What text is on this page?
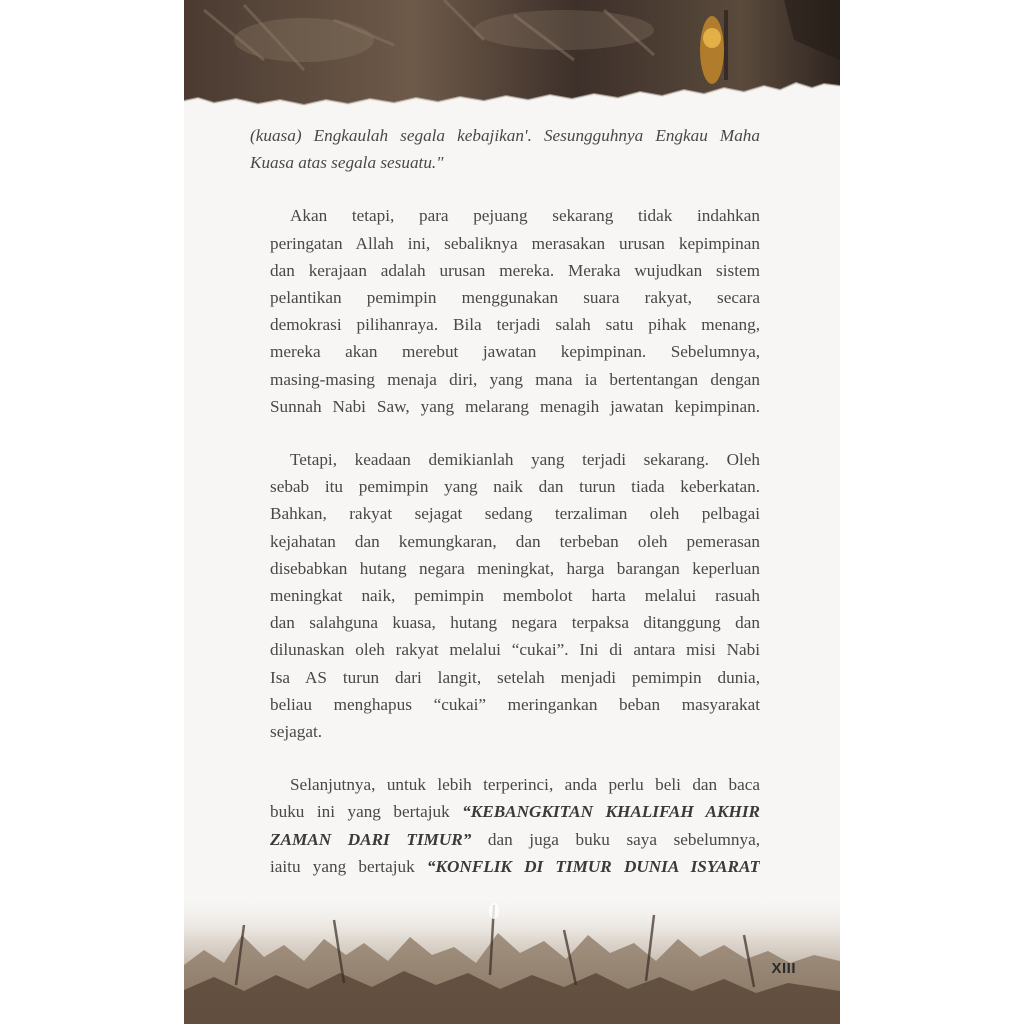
(kuasa) Engkaulah segala kebajikan'. Sesungguhnya Engkau Maha
Kuasa atas segala sesuatu."

Akan tetapi, para pejuang sekarang tidak indahkan
peringatan Allah ini, sebaliknya merasakan urusan kepimpinan
dan kerajaan adalah urusan mereka. Meraka wujudkan sistem
pelantikan pemimpin menggunakan suara rakyat, secara
demokrasi pilihanraya. Bila terjadi salah satu pihak menang,
mereka akan merebut jawatan kepimpinan. Sebelumnya,
masing-masing menaja diri, yang mana ia bertentangan dengan
Sunnah Nabi Saw, yang melarang menagih jawatan kepimpinan.

Tetapi, keadaan demikianlah yang terjadi sekarang. Oleh
sebab itu pemimpin yang naik dan turun tiada keberkatan.
Bahkan, rakyat sejagat sedang terzaliman oleh pelbagai
kejahatan dan kemungkaran, dan terbeban oleh pemerasan
disebabkan hutang negara meningkat, harga barangan keperluan
meningkat naik, pemimpin membolot harta melalui rasuah
dan salahguna kuasa, hutang negara terpaksa ditanggung dan
dilunaskan oleh rakyat melalui “cukai”. Ini di antara misi Nabi
Isa AS turun dari langit, setelah menjadi pemimpin dunia,
beliau menghapus “cukai” meringankan beban masyarakat
sejagat.

Selanjutnya, untuk lebih terperinci, anda perlu beli dan baca
buku ini yang bertajuk “KEBANGKITAN KHALIFAH AKHIR
ZAMAN DARI TIMUR” dan juga buku saya sebelumnya,
iaitu yang bertajuk “KONFLIK DI TIMUR DUNIA ISYARAT

XIII
